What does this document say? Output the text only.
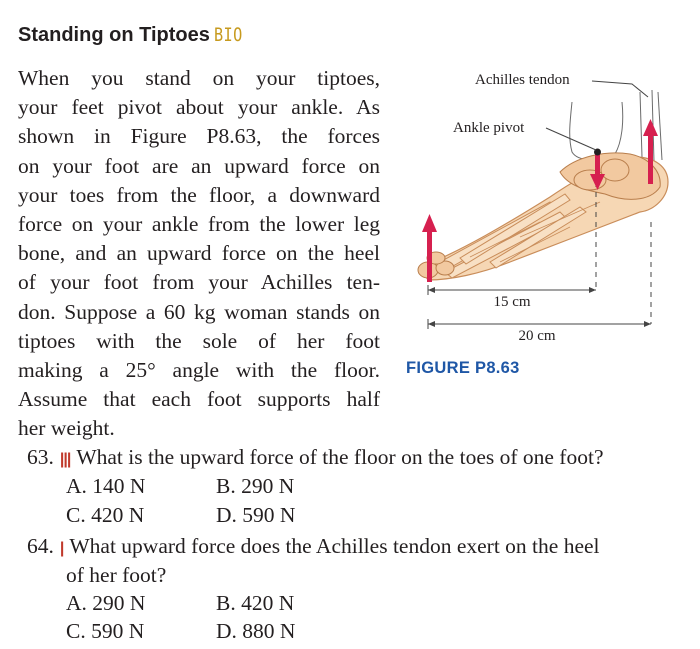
Standing on Tiptoes BIO
When you stand on your tiptoes,
your feet pivot about your ankle. As
shown in Figure P8.63, the forces
on your foot are an upward force on
your toes from the floor, a downward
force on your ankle from the lower leg
bone, and an upward force on the heel
of your foot from your Achilles ten-
don. Suppose a 60 kg woman stands on
tiptoes with the sole of her foot
making a 25° angle with the floor.
Assume that each foot supports half
her weight.
15 cm
20 cm
Achilles tendon
Ankle pivot
FIGURE P8.63
63. ||| What is the upward force of the floor on the toes of one foot?
A. 140 N	B. 290 N
C. 420 N	D. 590 N
64. | What upward force does the Achilles tendon exert on the heel
of her foot?
A. 290 N	B. 420 N
C. 590 N	D. 880 N
